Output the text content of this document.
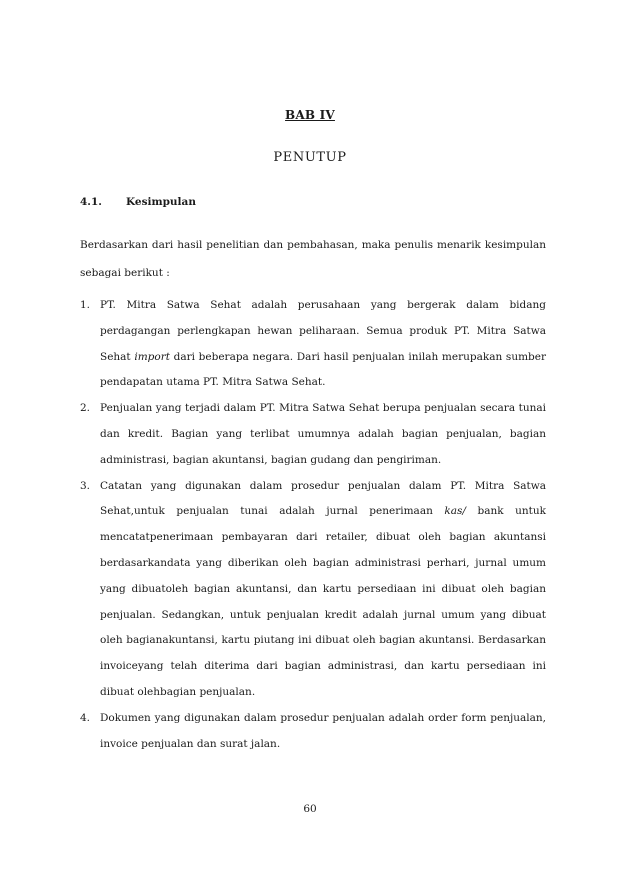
BAB IV
PENUTUP
4.1. Kesimpulan
Berdasarkan dari hasil penelitian dan pembahasan, maka penulis menarik kesimpulan sebagai berikut :
1. PT. Mitra Satwa Sehat adalah perusahaan yang bergerak dalam bidang perdagangan perlengkapan hewan peliharaan. Semua produk PT. Mitra Satwa Sehat import dari beberapa negara. Dari hasil penjualan inilah merupakan sumber pendapatan utama PT. Mitra Satwa Sehat.
2. Penjualan yang terjadi dalam PT. Mitra Satwa Sehat berupa penjualan secara tunai dan kredit. Bagian yang terlibat umumnya adalah bagian penjualan, bagian administrasi, bagian akuntansi, bagian gudang dan pengiriman.
3. Catatan yang digunakan dalam prosedur penjualan dalam PT. Mitra Satwa Sehat,untuk penjualan tunai adalah jurnal penerimaan kas/ bank untuk mencatatpenerimaan pembayaran dari retailer, dibuat oleh bagian akuntansi berdasarkandata yang diberikan oleh bagian administrasi perhari, jurnal umum yang dibuatoleh bagian akuntansi, dan kartu persediaan ini dibuat oleh bagian penjualan. Sedangkan, untuk penjualan kredit adalah jurnal umum yang dibuat oleh bagianakuntansi, kartu piutang ini dibuat oleh bagian akuntansi. Berdasarkan invoiceyang telah diterima dari bagian administrasi, dan kartu persediaan ini dibuat olehbagian penjualan.
4. Dokumen yang digunakan dalam prosedur penjualan adalah order form penjualan, invoice penjualan dan surat jalan.
60
